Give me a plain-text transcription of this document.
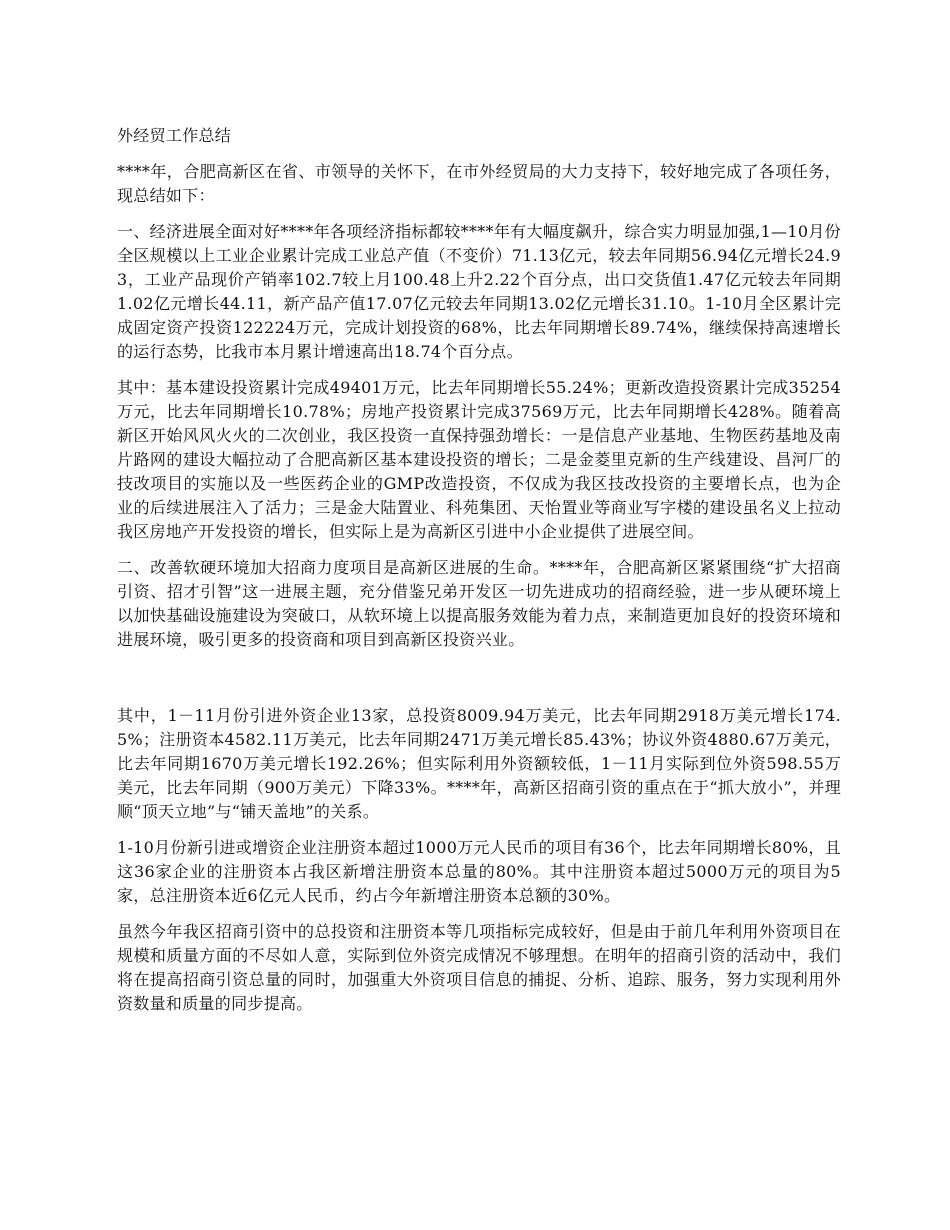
外经贸工作总结

****年，合肥高新区在省、市领导的关怀下，在市外经贸局的大力支持下，较好地完成了各项任务，现总结如下：

一、经济进展全面对好****年各项经济指标都较****年有大幅度飙升，综合实力明显加强,1—10月份全区规模以上工业企业累计完成工业总产值（不变价）71.13亿元，较去年同期56.94亿元增长24.93，工业产品现价产销率102.7较上月100.48上升2.22个百分点，出口交货值1.47亿元较去年同期1.02亿元增长44.11，新产品产值17.07亿元较去年同期13.02亿元增长31.10。1-10月全区累计完成固定资产投资122224万元，完成计划投资的68%，比去年同期增长89.74%，继续保持高速增长的运行态势，比我市本月累计增速高出18.74个百分点。

其中：基本建设投资累计完成49401万元，比去年同期增长55.24%；更新改造投资累计完成35254万元，比去年同期增长10.78%；房地产投资累计完成37569万元，比去年同期增长428%。随着高新区开始风风火火的二次创业，我区投资一直保持强劲增长：一是信息产业基地、生物医药基地及南片路网的建设大幅拉动了合肥高新区基本建设投资的增长；二是金菱里克新的生产线建设、昌河厂的技改项目的实施以及一些医药企业的GMP改造投资，不仅成为我区技改投资的主要增长点，也为企业的后续进展注入了活力；三是金大陆置业、科苑集团、天怡置业等商业写字楼的建设虽名义上拉动我区房地产开发投资的增长，但实际上是为高新区引进中小企业提供了进展空间。

二、改善软硬环境加大招商力度项目是高新区进展的生命。****年，合肥高新区紧紧围绕“扩大招商引资、招才引智”这一进展主题，充分借鉴兄弟开发区一切先进成功的招商经验，进一步从硬环境上以加快基础设施建设为突破口，从软环境上以提高服务效能为着力点，来制造更加良好的投资环境和进展环境，吸引更多的投资商和项目到高新区投资兴业。

其中，1－11月份引进外资企业13家，总投资8009.94万美元，比去年同期2918万美元增长174.5%；注册资本4582.11万美元，比去年同期2471万美元增长85.43%；协议外资4880.67万美元，比去年同期1670万美元增长192.26%；但实际利用外资额较低，1－11月实际到位外资598.55万美元，比去年同期（900万美元）下降33%。****年，高新区招商引资的重点在于“抓大放小”，并理顺“顶天立地”与“铺天盖地”的关系。

1-10月份新引进或增资企业注册资本超过1000万元人民币的项目有36个，比去年同期增长80%，且这36家企业的注册资本占我区新增注册资本总量的80%。其中注册资本超过5000万元的项目为5家，总注册资本近6亿元人民币，约占今年新增注册资本总额的30%。

虽然今年我区招商引资中的总投资和注册资本等几项指标完成较好，但是由于前几年利用外资项目在规模和质量方面的不尽如人意，实际到位外资完成情况不够理想。在明年的招商引资的活动中，我们将在提高招商引资总量的同时，加强重大外资项目信息的捕捉、分析、追踪、服务，努力实现利用外资数量和质量的同步提高。
